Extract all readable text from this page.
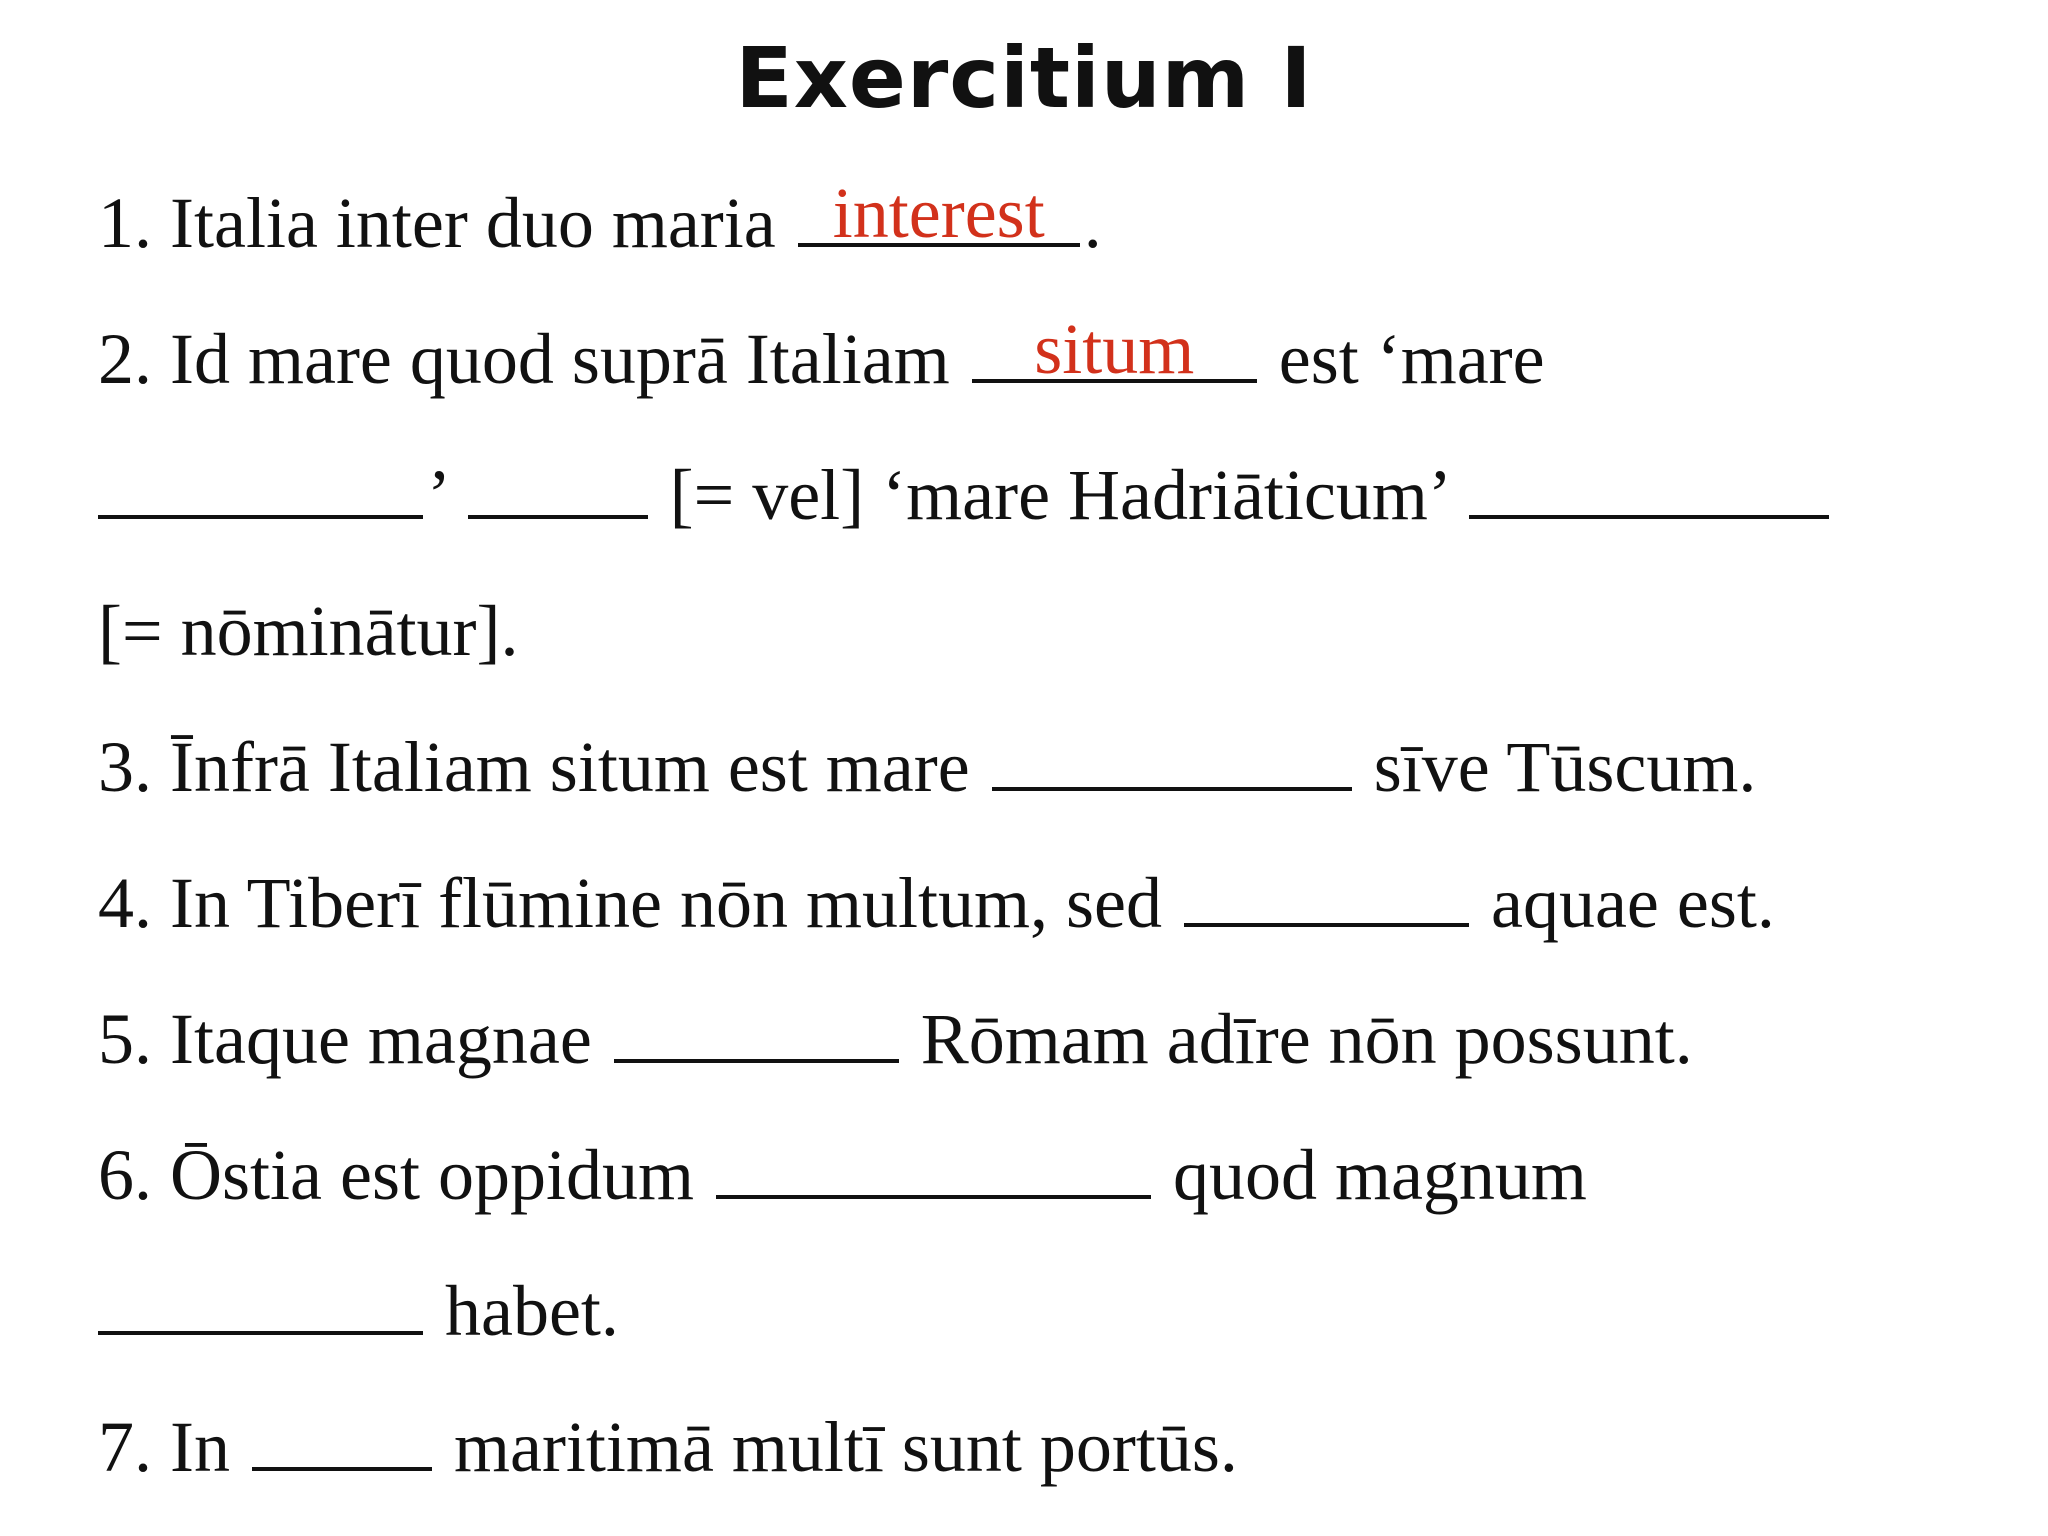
Exercitium I
1. Italia inter duo maria interest .
2. Id mare quod suprā Italiam situm est ‘mare
’	[= vel] ‘mare Hadriāticum’
[= nōminātur].
3. Īnfrā Italiam situm est mare	sīve Tūscum.
4. In Tiberī flūmine nōn multum, sed	aquae est.
5. Itaque magnae	Rōmam adīre nōn possunt.
6. Ōstia est oppidum	quod magnum
habet.
7. In	maritimā multī sunt portūs.
